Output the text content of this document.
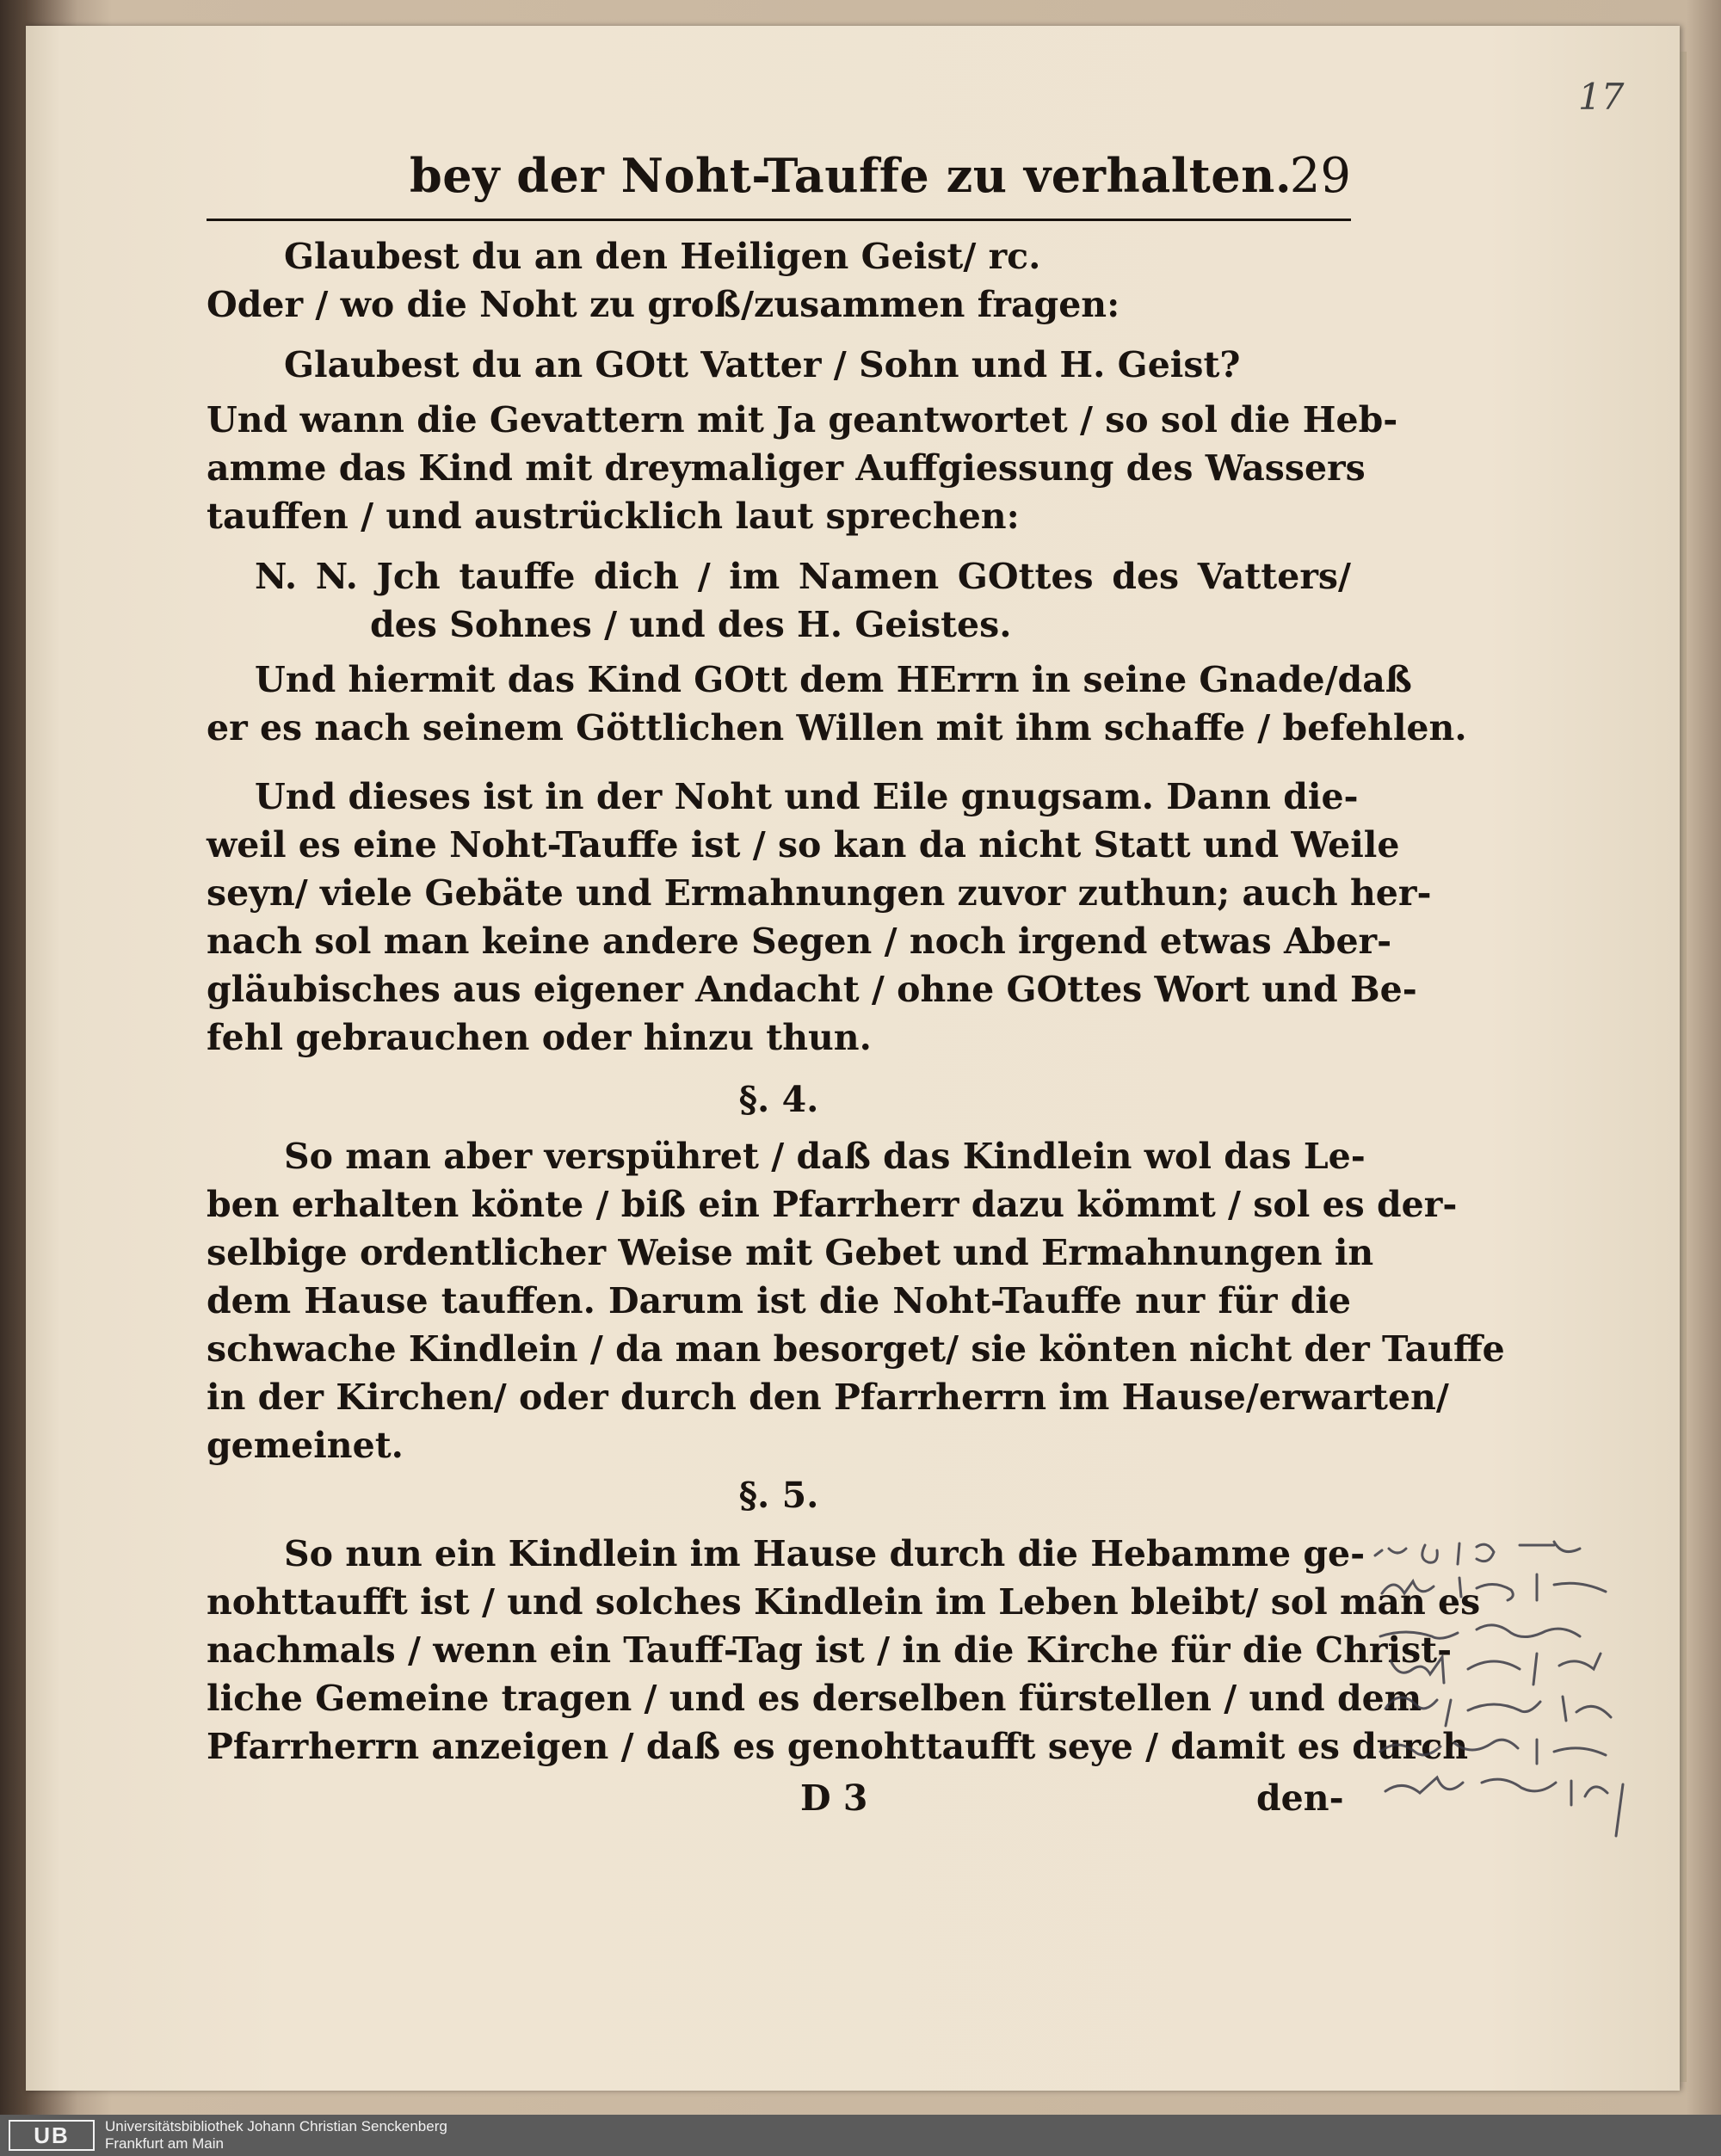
17
bey der Noht-Tauffe zu verhalten.
29
Glaubest du an den Heiligen Geist/ rc.
Oder / wo die Noht zu groß/zusammen fragen:
Glaubest du an GOtt Vatter / Sohn und H. Geist?
Und wann die Gevattern mit Ja geantwortet / so sol die Heb-
amme das Kind mit dreymaliger Auffgiessung des Wassers
tauffen / und austrücklich laut sprechen:
N. N. Jch tauffe dich / im Namen GOttes des Vatters/
des Sohnes / und des H. Geistes.
Und hiermit das Kind GOtt dem HErrn in seine Gnade/daß
er es nach seinem Göttlichen Willen mit ihm schaffe / befehlen.
Und dieses ist in der Noht und Eile gnugsam. Dann die-
weil es eine Noht-Tauffe ist / so kan da nicht Statt und Weile
seyn/ viele Gebäte und Ermahnungen zuvor zuthun; auch her-
nach sol man keine andere Segen / noch irgend etwas Aber-
gläubisches aus eigener Andacht / ohne GOttes Wort und Be-
fehl gebrauchen oder hinzu thun.
§. 4.
So man aber verspühret / daß das Kindlein wol das Le-
ben erhalten könte / biß ein Pfarrherr dazu kömmt / sol es der-
selbige ordentlicher Weise mit Gebet und Ermahnungen in
dem Hause tauffen. Darum ist die Noht-Tauffe nur für die
schwache Kindlein / da man besorget/ sie könten nicht der Tauffe
in der Kirchen/ oder durch den Pfarrherrn im Hause/erwarten/
gemeinet.
§. 5.
So nun ein Kindlein im Hause durch die Hebamme ge-
nohttaufft ist / und solches Kindlein im Leben bleibt/ sol man es
nachmals / wenn ein Tauff-Tag ist / in die Kirche für die Christ-
liche Gemeine tragen / und es derselben fürstellen / und dem
Pfarrherrn anzeigen / daß es genohttaufft seye / damit es durch
D 3	den-
UB	Universitätsbibliothek Johann Christian Senckenberg
Frankfurt am Main
